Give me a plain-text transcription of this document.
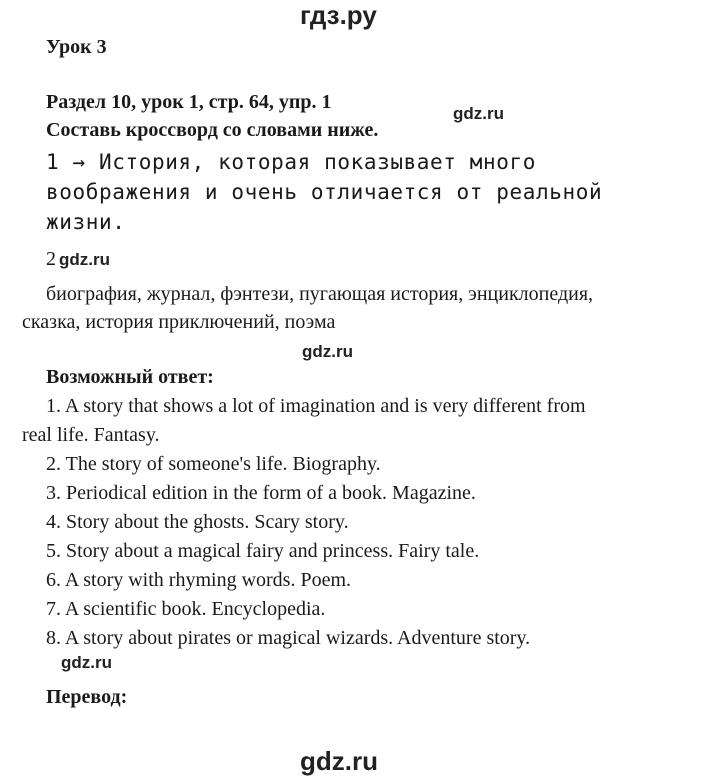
гдз.ру
Урок 3
Раздел 10, урок 1, стр. 64, упр. 1
gdz.ru
Составь кроссворд со словами ниже.
1 → История, которая показывает много
воображения и очень отличается от реальной
жизни.
2 gdz.ru
биография, журнал, фэнтези, пугающая история, энциклопедия,
сказка, история приключений, поэма
gdz.ru
Возможный ответ:
1. A story that shows a lot of imagination and is very different from
real life. Fantasy.
2. The story of someone's life. Biography.
3. Periodical edition in the form of a book. Magazine.
4. Story about the ghosts. Scary story.
5. Story about a magical fairy and princess. Fairy tale.
6. A story with rhyming words. Poem.
7. A scientific book. Encyclopedia.
8. A story about pirates or magical wizards. Adventure story.
gdz.ru
Перевод:
gdz.ru
